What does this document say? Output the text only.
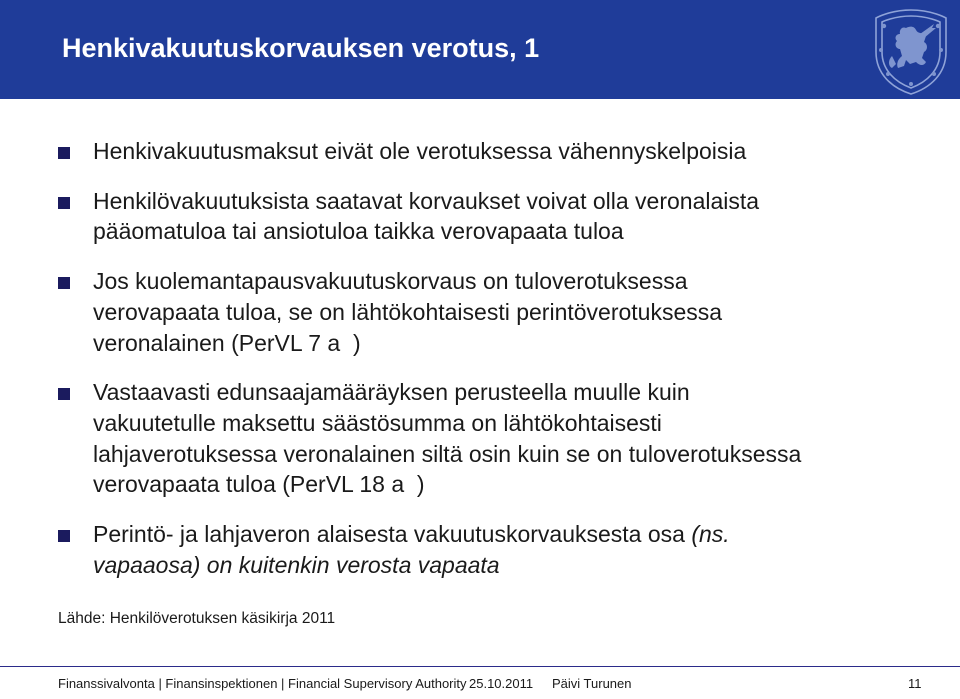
Henkivakuutuskorvauksen verotus, 1
Henkivakuutusmaksut eivät ole verotuksessa vähennyskelpoisia
Henkilövakuutuksista saatavat korvaukset voivat olla veronalaista
pääomatuloa tai ansiotuloa taikka verovapaata tuloa
Jos kuolemantapausvakuutuskorvaus on tuloverotuksessa
verovapaata tuloa, se on lähtökohtaisesti perintöverotuksessa
veronalainen (PerVL 7 a  )
Vastaavasti edunsaajamääräyksen perusteella muulle kuin
vakuutetulle maksettu säästösumma on lähtökohtaisesti
lahjaverotuksessa veronalainen siltä osin kuin se on tuloverotuksessa
verovapaata tuloa (PerVL 18 a  )
Perintö- ja lahjaveron alaisesta vakuutuskorvauksesta osa (ns.
vapaaosa) on kuitenkin verosta vapaata

Lähde: Henkilöverotuksen käsikirja 2011

Finanssivalvonta | Finansinspektionen | Financial Supervisory Authority 25.10.2011 Päivi Turunen	11
